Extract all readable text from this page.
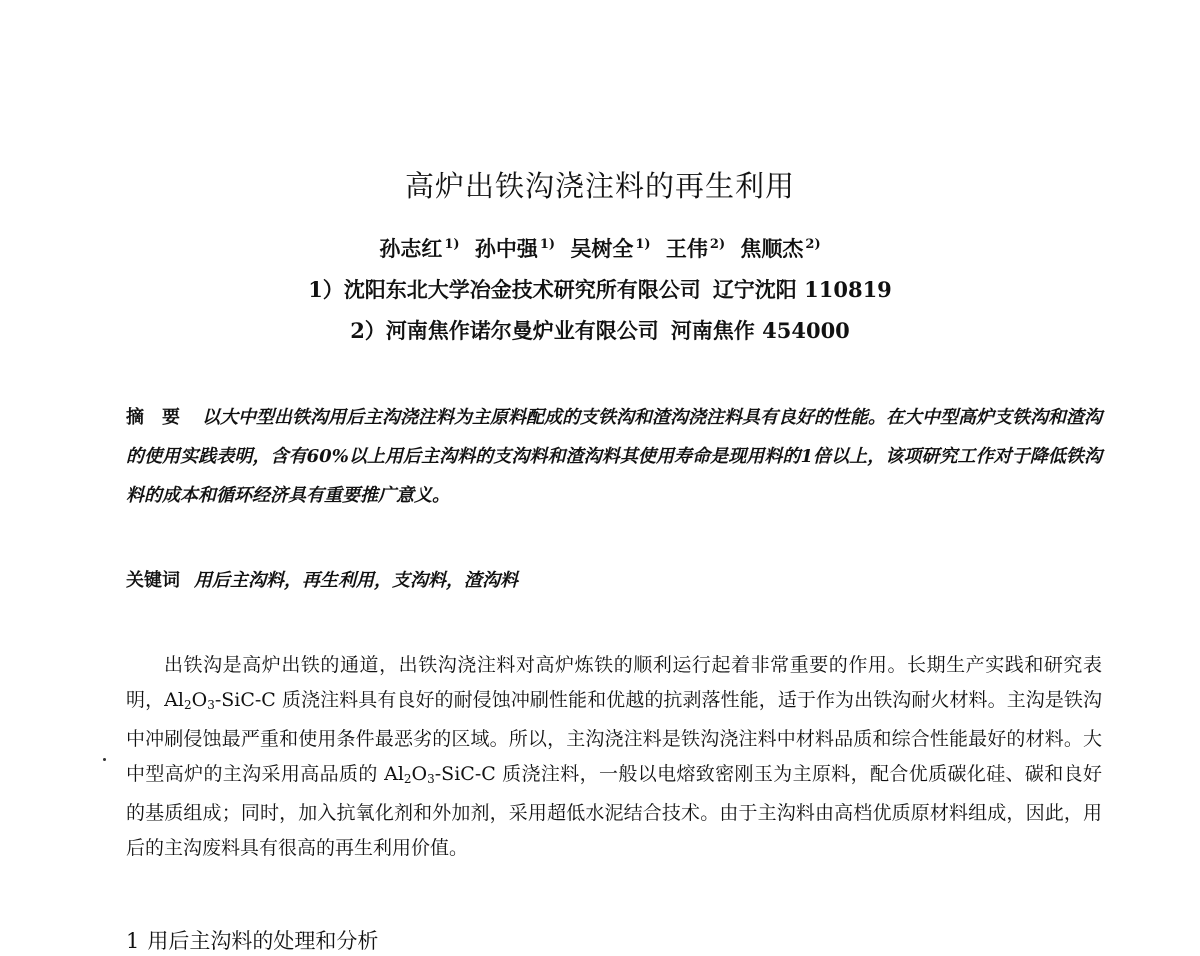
高炉出铁沟浇注料的再生利用
孙志红 $^{1)}$ 孙中强 $^{1)}$ 吴树全 $^{1)}$ 王伟 $^{2)}$ 焦顺杰 $^{2)}$
1）沈阳东北大学冶金技术研究所有限公司 辽宁沈阳 110819
2）河南焦作诺尔曼炉业有限公司 河南焦作 454000
摘要 以大中型出铁沟用后主沟浇注料为主原料配成的支铁沟和渣沟浇注料具有良好的性能。在大中型高炉支铁沟和渣沟的使用实践表明，含有60%以上用后主沟料的支沟料和渣沟料其使用寿命是现用料的1倍以上，该项研究工作对于降低铁沟料的成本和循环经济具有重要推广意义。
关键词 用后主沟料，再生利用，支沟料，渣沟料
出铁沟是高炉出铁的通道，出铁沟浇注料对高炉炼铁的顺利运行起着非常重要的作用。长期生产实践和研究表明，$Al_2O_3-SiC-C$ 质浇注料具有良好的耐侵蚀冲刷性能和优越的抗剥落性能，适于作为出铁沟耐火材料。主沟是铁沟中冲刷侵蚀最严重和使用条件最恶劣的区域。所以，主沟浇注料是铁沟浇注料中材料品质和综合性能最好的材料。大中型高炉的主沟采用高品质的 $Al_2O_3-SiC-C$ 质浇注料，一般以电熔致密刚玉为主原料，配合优质碳化硅、碳和良好的基质组成；同时，加入抗氧化剂和外加剂，采用超低水泥结合技术。由于主沟料由高档优质原材料组成，因此，用后的主沟废料具有很高的再生利用价值。
1 用后主沟料的处理和分析
